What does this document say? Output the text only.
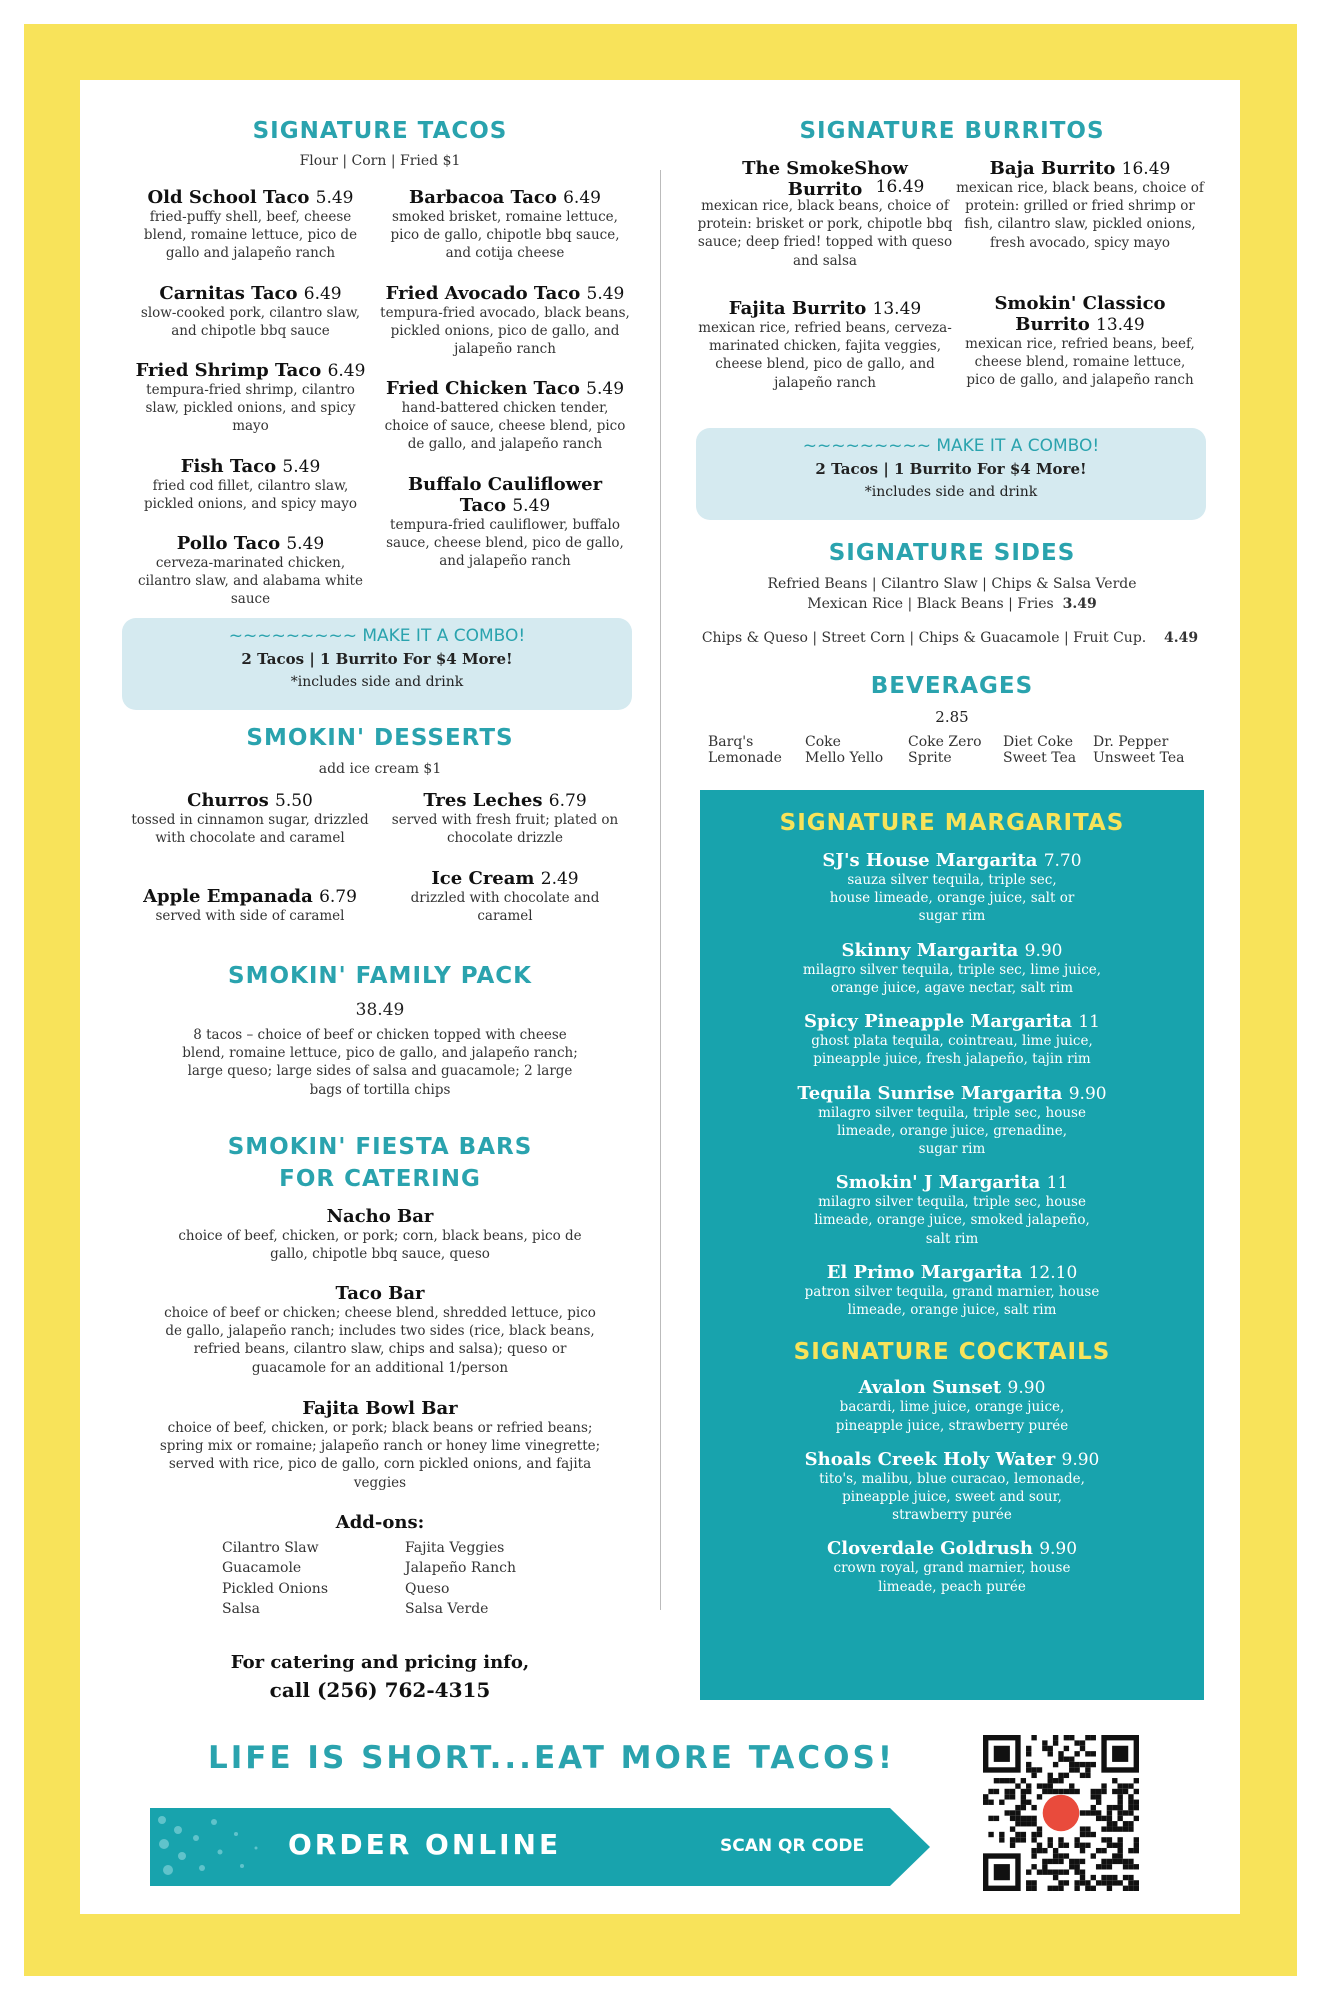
SIGNATURE TACOS
Flour | Corn | Fried $1
Old School Taco 5.49
fried-puffy shell, beef, cheese blend, romaine lettuce, pico de gallo and jalapeño ranch
Barbacoa Taco 6.49
smoked brisket, romaine lettuce, pico de gallo, chipotle bbq sauce, and cotija cheese
Carnitas Taco 6.49
slow-cooked pork, cilantro slaw, and chipotle bbq sauce
Fried Avocado Taco 5.49
tempura-fried avocado, black beans, pickled onions, pico de gallo, and jalapeño ranch
Fried Shrimp Taco 6.49
tempura-fried shrimp, cilantro slaw, pickled onions, and spicy mayo
Fried Chicken Taco 5.49
hand-battered chicken tender, choice of sauce, cheese blend, pico de gallo, and jalapeño ranch
Fish Taco 5.49
fried cod fillet, cilantro slaw, pickled onions, and spicy mayo
Buffalo Cauliflower Taco 5.49
tempura-fried cauliflower, buffalo sauce, cheese blend, pico de gallo, and jalapeño ranch
Pollo Taco 5.49
cerveza-marinated chicken, cilantro slaw, and alabama white sauce
~~~~~~~~~ MAKE IT A COMBO!
2 Tacos | 1 Burrito For $4 More!
*includes side and drink
SMOKIN' DESSERTS
add ice cream $1
Churros 5.50
tossed in cinnamon sugar, drizzled with chocolate and caramel
Tres Leches 6.79
served with fresh fruit; plated on chocolate drizzle
Apple Empanada 6.79
served with side of caramel
Ice Cream 2.49
drizzled with chocolate and caramel
SMOKIN' FAMILY PACK
38.49
8 tacos – choice of beef or chicken topped with cheese blend, romaine lettuce, pico de gallo, and jalapeño ranch; large queso; large sides of salsa and guacamole; 2 large bags of tortilla chips
SMOKIN' FIESTA BARS
FOR CATERING
Nacho Bar
choice of beef, chicken, or pork; corn, black beans, pico de gallo, chipotle bbq sauce, queso
Taco Bar
choice of beef or chicken; cheese blend, shredded lettuce, pico de gallo, jalapeño ranch; includes two sides (rice, black beans, refried beans, cilantro slaw, chips and salsa); queso or guacamole for an additional 1/person
Fajita Bowl Bar
choice of beef, chicken, or pork; black beans or refried beans; spring mix or romaine; jalapeño ranch or honey lime vinegrette; served with rice, pico de gallo, corn pickled onions, and fajita veggies
Add-ons:
Cilantro Slaw
Guacamole
Pickled Onions
Salsa
Fajita Veggies
Jalapeño Ranch
Queso
Salsa Verde
For catering and pricing info,
call (256) 762-4315
SIGNATURE BURRITOS
The SmokeShow Burrito 16.49
mexican rice, black beans, choice of protein: brisket or pork, chipotle bbq sauce; deep fried! topped with queso and salsa
Baja Burrito 16.49
mexican rice, black beans, choice of protein: grilled or fried shrimp or fish, cilantro slaw, pickled onions, fresh avocado, spicy mayo
Fajita Burrito 13.49
mexican rice, refried beans, cerveza-marinated chicken, fajita veggies, cheese blend, pico de gallo, and jalapeño ranch
Smokin' Classico Burrito 13.49
mexican rice, refried beans, beef, cheese blend, romaine lettuce, pico de gallo, and jalapeño ranch
~~~~~~~~~ MAKE IT A COMBO!
2 Tacos | 1 Burrito For $4 More!
*includes side and drink
SIGNATURE SIDES
Refried Beans | Cilantro Slaw | Chips & Salsa Verde
Mexican Rice | Black Beans | Fries 3.49
Chips & Queso | Street Corn | Chips & Guacamole | Fruit Cup. 4.49
BEVERAGES
2.85
Barq's
Lemonade
Coke
Mello Yello
Coke Zero
Sprite
Diet Coke
Sweet Tea
Dr. Pepper
Unsweet Tea
SIGNATURE MARGARITAS
SJ's House Margarita 7.70
sauza silver tequila, triple sec, house limeade, orange juice, salt or sugar rim
Skinny Margarita 9.90
milagro silver tequila, triple sec, lime juice, orange juice, agave nectar, salt rim
Spicy Pineapple Margarita 11
ghost plata tequila, cointreau, lime juice, pineapple juice, fresh jalapeño, tajin rim
Tequila Sunrise Margarita 9.90
milagro silver tequila, triple sec, house limeade, orange juice, grenadine, sugar rim
Smokin' J Margarita 11
milagro silver tequila, triple sec, house limeade, orange juice, smoked jalapeño, salt rim
El Primo Margarita 12.10
patron silver tequila, grand marnier, house limeade, orange juice, salt rim
SIGNATURE COCKTAILS
Avalon Sunset 9.90
bacardi, lime juice, orange juice, pineapple juice, strawberry purée
Shoals Creek Holy Water 9.90
tito's, malibu, blue curacao, lemonade, pineapple juice, sweet and sour, strawberry purée
Cloverdale Goldrush 9.90
crown royal, grand marnier, house limeade, peach purée
LIFE IS SHORT...EAT MORE TACOS!
ORDER ONLINE	SCAN QR CODE
